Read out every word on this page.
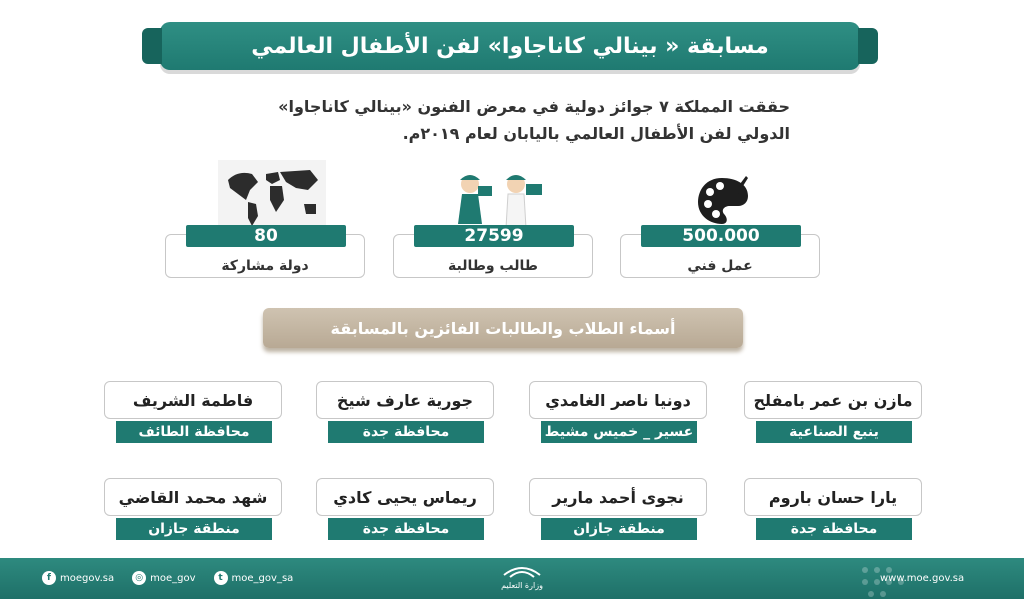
مسابقة « بينالي كاناجاوا» لفن الأطفال العالمي
حققت المملكة ٧ جوائز دولية في معرض الفنون «بينالي كاناجاوا»
الدولي لفن الأطفال العالمي باليابان لعام ٢٠١٩م.
80
دولة مشاركة
27599
طالب وطالبة
500.000
عمل فني
أسماء الطلاب والطالبات الفائزين بالمسابقة
فاطمة الشريف
محافظة الطائف
جورية عارف شيخ
محافظة جدة
دونيا ناصر الغامدي
عسير _ خميس مشيط
مازن بن عمر بامفلح
ينبع الصناعية
شهد محمد القاضي
منطقة جازان
ريماس يحيى كادي
محافظة جدة
نجوى أحمد مارير
منطقة جازان
يارا حسان باروم
محافظة جدة
f moegov.sa	◎ moe_gov	t moe_gov_sa
وزارة التعليم
www.moe.gov.sa
